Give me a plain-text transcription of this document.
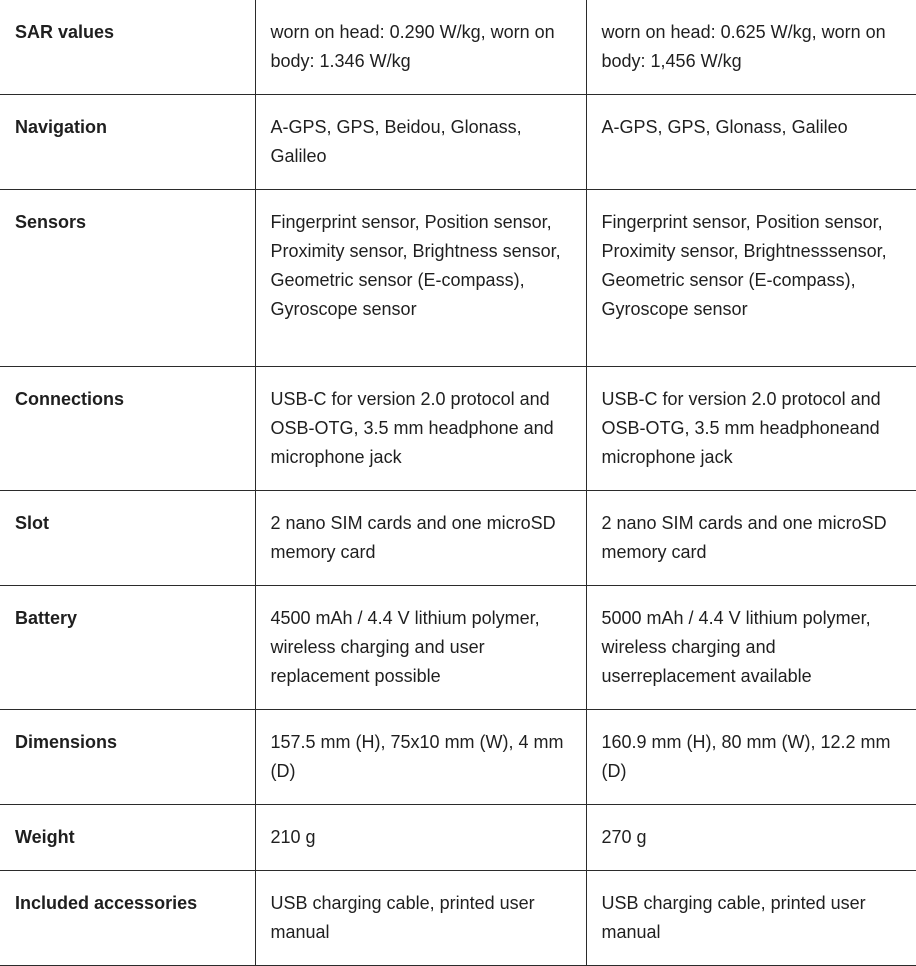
SAR values	worn on head: 0.290 W/kg, worn on body: 1.346 W/kg	worn on head: 0.625 W/kg, worn on body: 1,456 W/kg
Navigation	A-GPS, GPS, Beidou, Glonass, Galileo	A-GPS, GPS, Glonass, Galileo
Sensors	Fingerprint sensor, Position sensor, Proximity sensor, Brightness sensor, Geometric sensor (E-compass), Gyroscope sensor	Fingerprint sensor, Position sensor, Proximity sensor, Brightnesssensor, Geometric sensor (E-compass), Gyroscope sensor
Connections	USB-C for version 2.0 protocol and OSB-OTG, 3.5 mm headphone and microphone jack	USB-C for version 2.0 protocol and OSB-OTG, 3.5 mm headphoneand microphone jack
Slot	2 nano SIM cards and one microSD memory card	2 nano SIM cards and one microSD memory card
Battery	4500 mAh / 4.4 V lithium polymer, wireless charging and user replacement possible	5000 mAh / 4.4 V lithium polymer, wireless charging and userreplacement available
Dimensions	157.5 mm (H), 75x10 mm (W), 4 mm (D)	160.9 mm (H), 80 mm (W), 12.2 mm (D)
Weight	210 g	270 g
Included accessories	USB charging cable, printed user manual	USB charging cable, printed user manual
